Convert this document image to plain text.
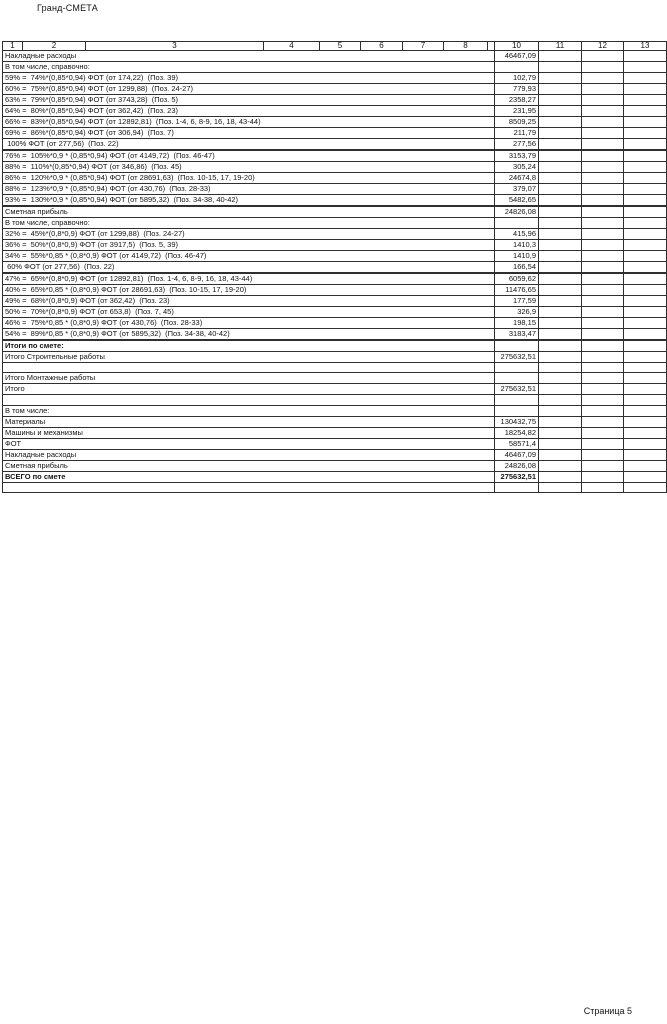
Гранд-СМЕТА
1	2	3	4	5	6	7	8		10	11	12	13
Накладные расходы									46467,09			
В том числе, справочно:												
59% =  74%*(0,85*0,94) ФОТ (от 174,22)  (Поз. 39)									102,79			
60% =  75%*(0,85*0,94) ФОТ (от 1299,88)  (Поз. 24-27)									779,93			
63% =  79%*(0,85*0,94) ФОТ (от 3743,28)  (Поз. 5)									2358,27			
64% =  80%*(0,85*0,94) ФОТ (от 362,42)  (Поз. 23)									231,95			
66% =  83%*(0,85*0,94) ФОТ (от 12892,81)  (Поз. 1-4, 6, 8-9, 16, 18, 43-44)									8509,25			
69% =  86%*(0,85*0,94) ФОТ (от 306,94)  (Поз. 7)									211,79			
100% ФОТ (от 277,56)  (Поз. 22)									277,56			
76% =  105%*0,9 * (0,85*0,94) ФОТ (от 4149,72)  (Поз. 46-47)									3153,79			
88% =  110%*(0,85*0,94) ФОТ (от 346,86)  (Поз. 45)									305,24			
86% =  120%*0,9 * (0,85*0,94) ФОТ (от 28691,63)  (Поз. 10-15, 17, 19-20)									24674,8			
88% =  123%*0,9 * (0,85*0,94) ФОТ (от 430,76)  (Поз. 28-33)									379,07			
93% =  130%*0,9 * (0,85*0,94) ФОТ (от 5895,32)  (Поз. 34-38, 40-42)									5482,65			
Сметная прибыль									24826,08			
В том числе, справочно:												
32% =  45%*(0,8*0,9) ФОТ (от 1299,88)  (Поз. 24-27)									415,96			
36% =  50%*(0,8*0,9) ФОТ (от 3917,5)  (Поз. 5, 39)									1410,3			
34% =  55%*0,85 * (0,8*0,9) ФОТ (от 4149,72)  (Поз. 46-47)									1410,9			
60% ФОТ (от 277,56)  (Поз. 22)									166,54			
47% =  65%*(0,8*0,9) ФОТ (от 12892,81)  (Поз. 1-4, 6, 8-9, 16, 18, 43-44)									6059,62			
40% =  65%*0,85 * (0,8*0,9) ФОТ (от 28691,63)  (Поз. 10-15, 17, 19-20)									11476,65			
49% =  68%*(0,8*0,9) ФОТ (от 362,42)  (Поз. 23)									177,59			
50% =  70%*(0,8*0,9) ФОТ (от 653,8)  (Поз. 7, 45)									326,9			
46% =  75%*0,85 * (0,8*0,9) ФОТ (от 430,76)  (Поз. 28-33)									198,15			
54% =  89%*0,85 * (0,8*0,9) ФОТ (от 5895,32)  (Поз. 34-38, 40-42)									3183,47			
Итоги по смете:												
Итого Строительные работы									275632,51			

Итого Монтажные работы												
Итого									275632,51			

В том числе:												
Материалы									130432,75			
Машины и механизмы									18254,82			
ФОТ									58571,4			
Накладные расходы									46467,09			
Сметная прибыль									24826,08			
ВСЕГО по смете									275632,51			

Страница 5
